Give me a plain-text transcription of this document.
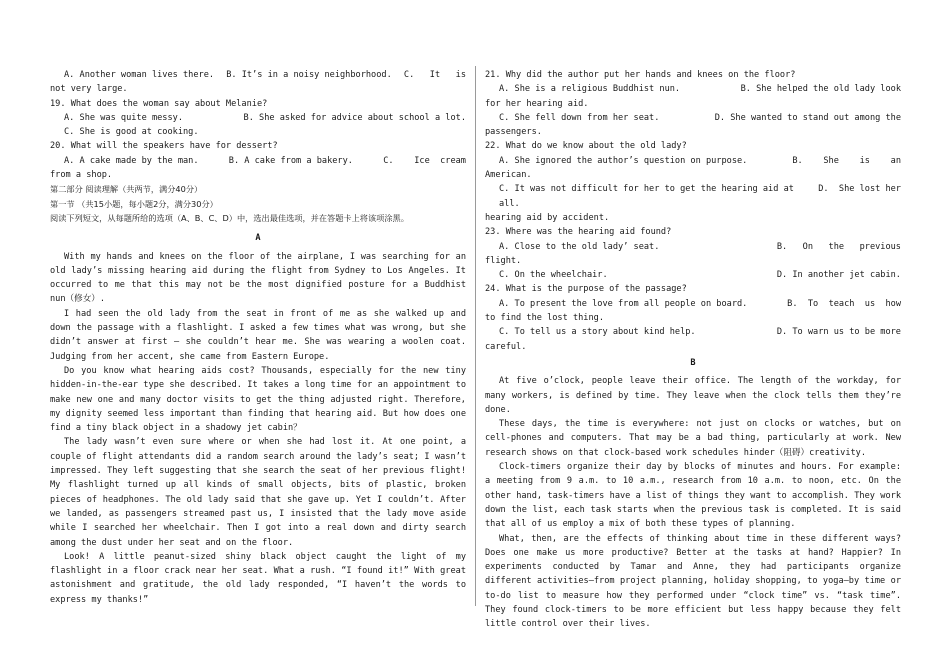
A. Another woman lives there. B. It’s in a noisy neighborhood. C.   It   is

not very large.

19. What does the woman say about Melanie?

A. She was quite messy.	B. She asked for advice about school a lot.

C. She is good at cooking.

20. What will the speakers have for dessert?

A. A cake made by the man.	B. A cake from a bakery.	C.    Ice  cream

from a shop.

第二部分 阅读理解（共两节，满分40分）

第一节 （共15小题，每小题2分，满分30分）

阅读下列短文，从每题所给的选项（A、B、C、D）中，选出最佳选项，并在答题卡上将该项涂黑。

A

With my hands and knees on the floor of the airplane, I was searching for an old lady’s missing hearing aid during the flight from Sydney to Los Angeles. It occurred to me that this may not be the most dignified posture for a Buddhist nun（修女）.

I had seen the old lady from the seat in front of me as she walked up and down the passage with a flashlight. I asked a few times what was wrong, but she didn’t answer at first — she couldn’t hear me. She was wearing a woolen coat. Judging from her accent, she came from Eastern Europe.

Do you know what hearing aids cost? Thousands, especially for the new tiny hidden-in-the-ear type she described. It takes a long time for an appointment to make new one and many doctor visits to get the thing adjusted right. Therefore, my dignity seemed less important than finding that hearing aid. But how does one find a tiny black object in a shadowy jet cabin？

The lady wasn’t even sure where or when she had lost it. At one point, a couple of flight attendants did a random search around the lady’s seat; I wasn’t impressed. They left suggesting that she search the seat of her previous flight! My flashlight turned up all kinds of small objects, bits of plastic, broken pieces of headphones. The old lady said that she gave up. Yet I couldn’t. After we landed, as passengers streamed past us, I insisted that the lady move aside while I searched her wheelchair. Then I got into a real down and dirty search among the dust under her seat and on the floor.

Look! A little peanut-sized shiny black object caught the light of my flashlight in a floor crack near her seat. What a rush. “I found it!” With great astonishment and gratitude, the old lady responded, “I haven’t the words to express my thanks!”

21. Why did the author put her hands and knees on the floor?

A. She is a religious Buddhist nun.	B. She helped the old lady look

for her hearing aid.

C. She fell down from her seat.	D. She wanted to stand out among the

passengers.

22. What do we know about the old lady?

A. She ignored the author’s question on purpose.	B.    She    is    an

American.

C. It was not difficult for her to get the hearing aid at all.
D.  She lost her

hearing aid by accident.

23. Where was the hearing aid found?

A. Close to the old lady’ seat.	B.   On   the   previous

flight.

C. On the wheelchair.	D. In another jet cabin.

24. What is the purpose of the passage?

A. To present the love from all people on board.	B.  To  teach  us  how

to find the lost thing.

C. To tell us a story about kind help.	D. To warn us to be more

careful.

B

At five o’clock, people leave their office. The length of the workday, for many workers, is defined by time. They leave when the clock tells them they’re done.

These days, the time is everywhere: not just on clocks or watches, but on cell-phones and computers. That may be a bad thing, particularly at work. New research shows on that clock-based work schedules hinder（阻碍）creativity.

Clock-timers organize their day by blocks of minutes and hours. For example: a meeting from 9 a.m. to 10 a.m., research from 10 a.m. to noon, etc. On the other hand, task-timers have a list of things they want to accomplish. They work down the list, each task starts when the previous task is completed. It is said that all of us employ a mix of both these types of planning.

What, then, are the effects of thinking about time in these different ways? Does one make us more productive? Better at the tasks at hand? Happier? In experiments conducted by Tamar and Anne, they had participants organize different activities—from project planning, holiday shopping, to yoga—by time or to-do list to measure how they performed under “clock time” vs. “task time”. They found clock-timers to be more efficient but less happy because they felt little control over their lives.
